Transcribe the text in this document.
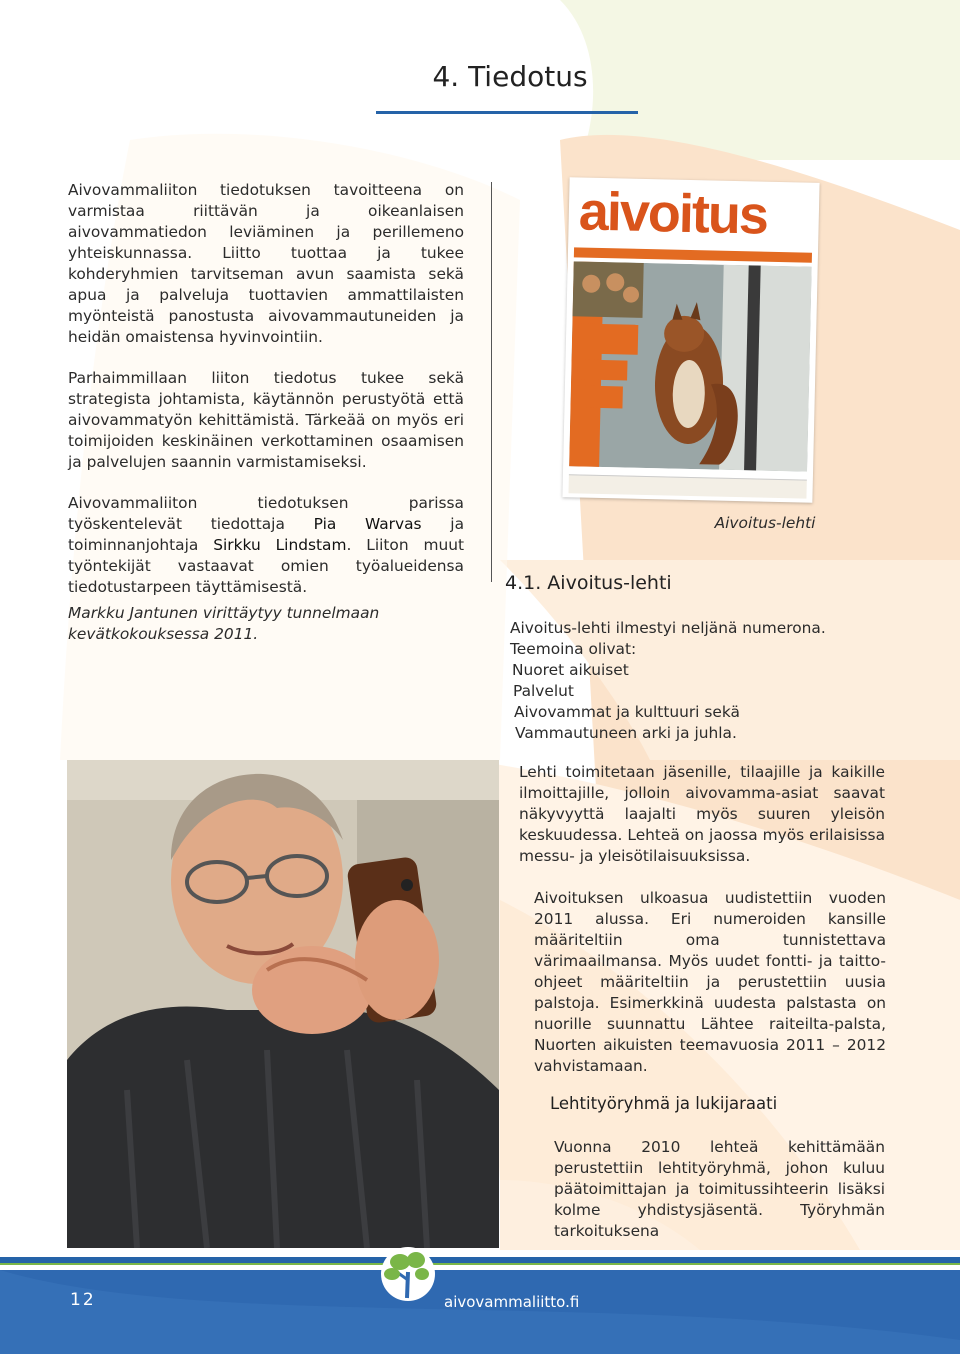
4. Tiedotus

Aivovammaliiton tiedotuksen tavoitteena on varmistaa riittävän ja oikeanlaisen aivovammatiedon leviäminen ja perillemeno yhteiskunnassa. Liitto tuottaa ja tukee kohderyhmien tarvitseman avun saamista sekä apua ja palveluja tuottavien ammattilaisten myönteistä panostusta aivovammautuneiden ja heidän omaistensa hyvinvointiin.

Parhaimmillaan liiton tiedotus tukee sekä strategista johtamista, käytännön perustyötä että aivovammatyön kehittämistä. Tärkeää on myös eri toimijoiden keskinäinen verkottaminen osaamisen ja palvelujen saannin varmistamiseksi.

Aivovammaliiton tiedotuksen parissa työskentelevät tiedottaja Pia Warvas ja toiminnanjohtaja Sirkku Lindstam. Liiton muut työntekijät vastaavat omien työalueidensa tiedotustarpeen täyttämisestä.

Markku Jantunen virittäytyy tunnelmaan kevätkokouksessa 2011.
aivoitus
Aivoitus-lehti
4.1. Aivoitus-lehti
Aivoitus-lehti ilmestyi neljänä numerona.
Teemoina olivat:
Nuoret aikuiset
Palvelut
Aivovammat ja kulttuuri sekä
Vammautuneen arki ja juhla.

Lehti toimitetaan jäsenille, tilaajille ja kaikille ilmoittajille, jolloin aivovamma-asiat saavat näkyvyyttä laajalti myös suuren yleisön keskuudessa. Lehteä on jaossa myös erilaisissa messu- ja yleisötilaisuuksissa.

Aivoituksen ulkoasua uudistettiin vuoden 2011 alussa. Eri numeroiden kansille määriteltiin oma tunnistettava värimaailmansa. Myös uudet fontti- ja taitto-ohjeet määriteltiin ja perustettiin uusia palstoja. Esimerkkinä uudesta palstasta on nuorille suunnattu Lähtee raiteilta-palsta, Nuorten aikuisten teemavuosia 2011 – 2012 vahvistamaan.

Lehtityöryhmä ja lukijaraati

Vuonna 2010 lehteä kehittämään perustettiin lehtityöryhmä, johon kuluu päätoimittajan ja toimitussihteerin lisäksi kolme yhdistysjäsentä. Työryhmän tarkoituksena

12	aivovammaliitto.fi
